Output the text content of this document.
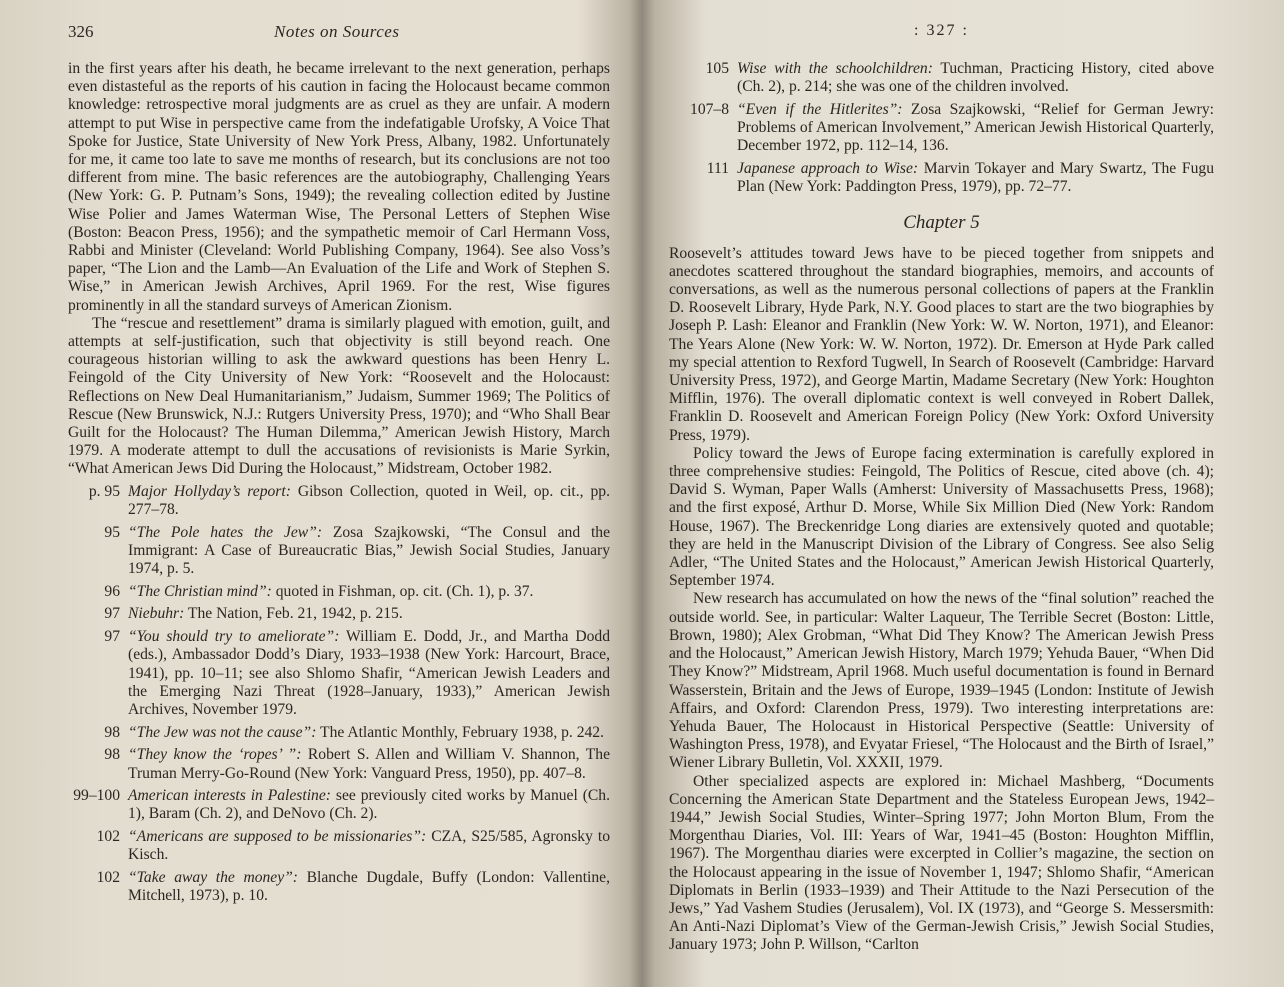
326	Notes on Sources

in the first years after his death, he became irrelevant to the next generation, perhaps even distasteful as the reports of his caution in facing the Holocaust became common knowledge: retrospective moral judgments are as cruel as they are unfair. A modern attempt to put Wise in perspective came from the indefatigable Urofsky, A Voice That Spoke for Justice, State University of New York Press, Albany, 1982. Unfortunately for me, it came too late to save me months of research, but its conclusions are not too different from mine. The basic references are the autobiography, Challenging Years (New York: G. P. Putnam’s Sons, 1949); the revealing collection edited by Justine Wise Polier and James Waterman Wise, The Personal Letters of Stephen Wise (Boston: Beacon Press, 1956); and the sympathetic memoir of Carl Hermann Voss, Rabbi and Minister (Cleveland: World Publishing Company, 1964). See also Voss’s paper, “The Lion and the Lamb—An Evaluation of the Life and Work of Stephen S. Wise,” in American Jewish Archives, April 1969. For the rest, Wise figures prominently in all the standard surveys of American Zionism.

The “rescue and resettlement” drama is similarly plagued with emotion, guilt, and attempts at self-justification, such that objectivity is still beyond reach. One courageous historian willing to ask the awkward questions has been Henry L. Feingold of the City University of New York: “Roosevelt and the Holocaust: Reflections on New Deal Humanitarianism,” Judaism, Summer 1969; The Politics of Rescue (New Brunswick, N.J.: Rutgers University Press, 1970); and “Who Shall Bear Guilt for the Holocaust? The Human Dilemma,” American Jewish History, March 1979. A moderate attempt to dull the accusations of revisionists is Marie Syrkin, “What American Jews Did During the Holocaust,” Midstream, October 1982.

p. 95 Major Hollyday’s report: Gibson Collection, quoted in Weil, op. cit., pp. 277–78.
95 “The Pole hates the Jew”: Zosa Szajkowski, “The Consul and the Immigrant: A Case of Bureaucratic Bias,” Jewish Social Studies, January 1974, p. 5.
96 “The Christian mind”: quoted in Fishman, op. cit. (Ch. 1), p. 37.
97 Niebuhr: The Nation, Feb. 21, 1942, p. 215.
97 “You should try to ameliorate”: William E. Dodd, Jr., and Martha Dodd (eds.), Ambassador Dodd’s Diary, 1933–1938 (New York: Harcourt, Brace, 1941), pp. 10–11; see also Shlomo Shafir, “American Jewish Leaders and the Emerging Nazi Threat (1928–January, 1933),” American Jewish Archives, November 1979.
98 “The Jew was not the cause”: The Atlantic Monthly, February 1938, p. 242.
98 “They know the ‘ropes’ ”: Robert S. Allen and William V. Shannon, The Truman Merry-Go-Round (New York: Vanguard Press, 1950), pp. 407–8.
99–100 American interests in Palestine: see previously cited works by Manuel (Ch. 1), Baram (Ch. 2), and DeNovo (Ch. 2).
102 “Americans are supposed to be missionaries”: CZA, S25/585, Agronsky to Kisch.
102 “Take away the money”: Blanche Dugdale, Buffy (London: Vallentine, Mitchell, 1973), p. 10.
: 327 :
105 Wise with the schoolchildren: Tuchman, Practicing History, cited above (Ch. 2), p. 214; she was one of the children involved.
107–8 “Even if the Hitlerites”: Zosa Szajkowski, “Relief for German Jewry: Problems of American Involvement,” American Jewish Historical Quarterly, December 1972, pp. 112–14, 136.
111 Japanese approach to Wise: Marvin Tokayer and Mary Swartz, The Fugu Plan (New York: Paddington Press, 1979), pp. 72–77.
Chapter 5

Roosevelt’s attitudes toward Jews have to be pieced together from snippets and anecdotes scattered throughout the standard biographies, memoirs, and accounts of conversations, as well as the numerous personal collections of papers at the Franklin D. Roosevelt Library, Hyde Park, N.Y. Good places to start are the two biographies by Joseph P. Lash: Eleanor and Franklin (New York: W. W. Norton, 1971), and Eleanor: The Years Alone (New York: W. W. Norton, 1972). Dr. Emerson at Hyde Park called my special attention to Rexford Tugwell, In Search of Roosevelt (Cambridge: Harvard University Press, 1972), and George Martin, Madame Secretary (New York: Houghton Mifflin, 1976). The overall diplomatic context is well conveyed in Robert Dallek, Franklin D. Roosevelt and American Foreign Policy (New York: Oxford University Press, 1979).

Policy toward the Jews of Europe facing extermination is carefully explored in three comprehensive studies: Feingold, The Politics of Rescue, cited above (ch. 4); David S. Wyman, Paper Walls (Amherst: University of Massachusetts Press, 1968); and the first exposé, Arthur D. Morse, While Six Million Died (New York: Random House, 1967). The Breckenridge Long diaries are extensively quoted and quotable; they are held in the Manuscript Division of the Library of Congress. See also Selig Adler, “The United States and the Holocaust,” American Jewish Historical Quarterly, September 1974.

New research has accumulated on how the news of the “final solution” reached the outside world. See, in particular: Walter Laqueur, The Terrible Secret (Boston: Little, Brown, 1980); Alex Grobman, “What Did They Know? The American Jewish Press and the Holocaust,” American Jewish History, March 1979; Yehuda Bauer, “When Did They Know?” Midstream, April 1968. Much useful documentation is found in Bernard Wasserstein, Britain and the Jews of Europe, 1939–1945 (London: Institute of Jewish Affairs, and Oxford: Clarendon Press, 1979). Two interesting interpretations are: Yehuda Bauer, The Holocaust in Historical Perspective (Seattle: University of Washington Press, 1978), and Evyatar Friesel, “The Holocaust and the Birth of Israel,” Wiener Library Bulletin, Vol. XXXII, 1979.

Other specialized aspects are explored in: Michael Mashberg, “Documents Concerning the American State Department and the Stateless European Jews, 1942–1944,” Jewish Social Studies, Winter–Spring 1977; John Morton Blum, From the Morgenthau Diaries, Vol. III: Years of War, 1941–45 (Boston: Houghton Mifflin, 1967). The Morgenthau diaries were excerpted in Collier’s magazine, the section on the Holocaust appearing in the issue of November 1, 1947; Shlomo Shafir, “American Diplomats in Berlin (1933–1939) and Their Attitude to the Nazi Persecution of the Jews,” Yad Vashem Studies (Jerusalem), Vol. IX (1973), and “George S. Messersmith: An Anti-Nazi Diplomat’s View of the German-Jewish Crisis,” Jewish Social Studies, January 1973; John P. Willson, “Carlton
